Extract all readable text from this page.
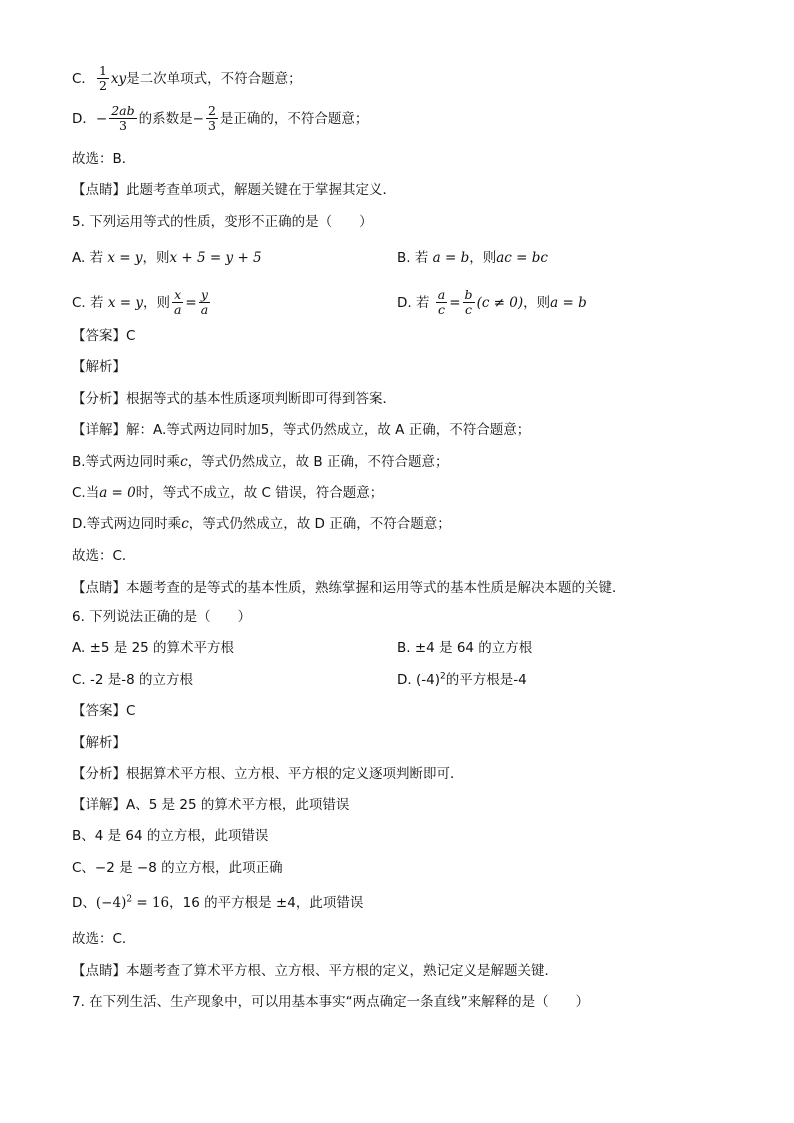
C． $\frac{1}{2}$ xy是二次单项式，不符合题意；
D．− $\frac{2ab}{3}$ 的系数是− $\frac{2}{3}$ 是正确的，不符合题意；
故选：B．
【点睛】此题考查单项式，解题关键在于掌握其定义．
5. 下列运用等式的性质，变形不正确的是（　　）
A. 若 x = y，则x + 5 = y + 5	B. 若 a = b，则ac = bc
C. 若 x = y，则 $\frac{x}{a} = \frac{y}{a}$	D. 若 $\frac{a}{c} = \frac{b}{c} (c \ne 0)$，则a = b
【答案】C
【解析】
【分析】根据等式的基本性质逐项判断即可得到答案．
【详解】解：A.等式两边同时加5，等式仍然成立，故 A 正确，不符合题意；
B.等式两边同时乘c，等式仍然成立，故 B 正确，不符合题意；
C.当a = 0时，等式不成立，故 C 错误，符合题意；
D.等式两边同时乘c，等式仍然成立，故 D 正确，不符合题意；
故选：C．
【点睛】本题考查的是等式的基本性质，熟练掌握和运用等式的基本性质是解决本题的关键．
6. 下列说法正确的是（　　）
A. ±5 是 25 的算术平方根	B. ±4 是 64 的立方根
C. -2 是-8 的立方根	D. $(-4)^2$的平方根是-4
【答案】C
【解析】
【分析】根据算术平方根、立方根、平方根的定义逐项判断即可．
【详解】A、5 是 25 的算术平方根，此项错误
B、4 是 64 的立方根，此项错误
C、−2 是 −8 的立方根，此项正确
D、$(-4)^2 = 16$，16 的平方根是 ±4，此项错误
故选：C．
【点睛】本题考查了算术平方根、立方根、平方根的定义，熟记定义是解题关键．
7. 在下列生活、生产现象中，可以用基本事实“两点确定一条直线”来解释的是（　　）
